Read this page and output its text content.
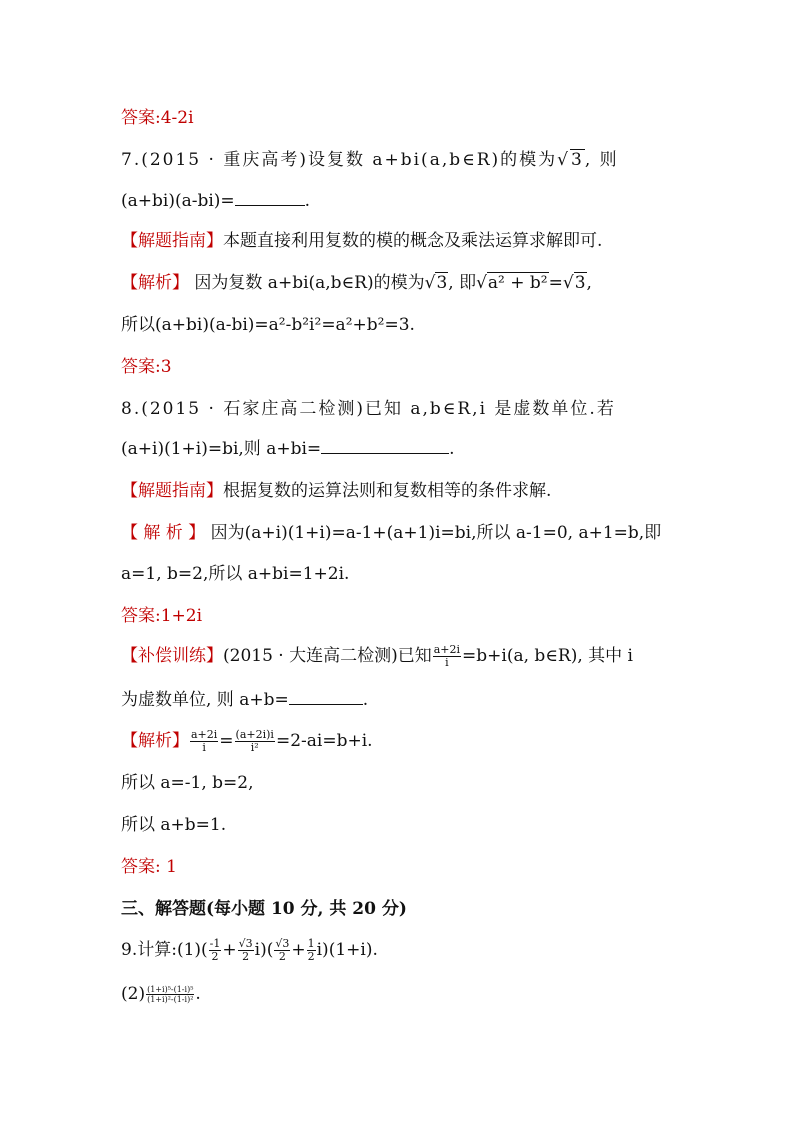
答案:4-2i
7.(2015 · 重庆高考)设复数 a+bi(a,b∈R)的模为√3, 则
(a+bi)(a-bi)=	.
【解题指南】本题直接利用复数的模的概念及乘法运算求解即可.
【解析】 因为复数 a+bi(a,b∈R)的模为√3, 即√a² + b²=√3,
所以(a+bi)(a-bi)=a²-b²i²=a²+b²=3.
答案:3
8.(2015 · 石家庄高二检测)已知 a,b∈R,i 是虚数单位.若
(a+i)(1+i)=bi,则 a+bi=	.
【解题指南】根据复数的运算法则和复数相等的条件求解.
【 解 析 】 因为(a+i)(1+i)=a-1+(a+1)i=bi,所以 a-1=0, a+1=b,即
a=1, b=2,所以 a+bi=1+2i.
答案:1+2i
【补偿训练】(2015 · 大连高二检测)已知 $\frac{a+2i}{i} =b+i(a$, b∈R), 其中 i
为虚数单位, 则 a+b=	.
【解析】 $\frac{a+2i}{i} = \frac{(a+2i)i}{\text{i²}} =2-ai=b+i$.
所以 a=-1, b=2,
所以 a+b=1.
答案: 1
三、解答题(每小题 10 分, 共 20 分)
9.计算:(1)( $\frac{-1}{2} + \frac{√3}{2} i)( \frac{√3}{2} + \frac{1}{2} i)(1+i)$.
$(2) \frac{\text{(1+i)⁵-(1-i)⁵}}{\text{(1+i)²-(1-i)²}}$ .
